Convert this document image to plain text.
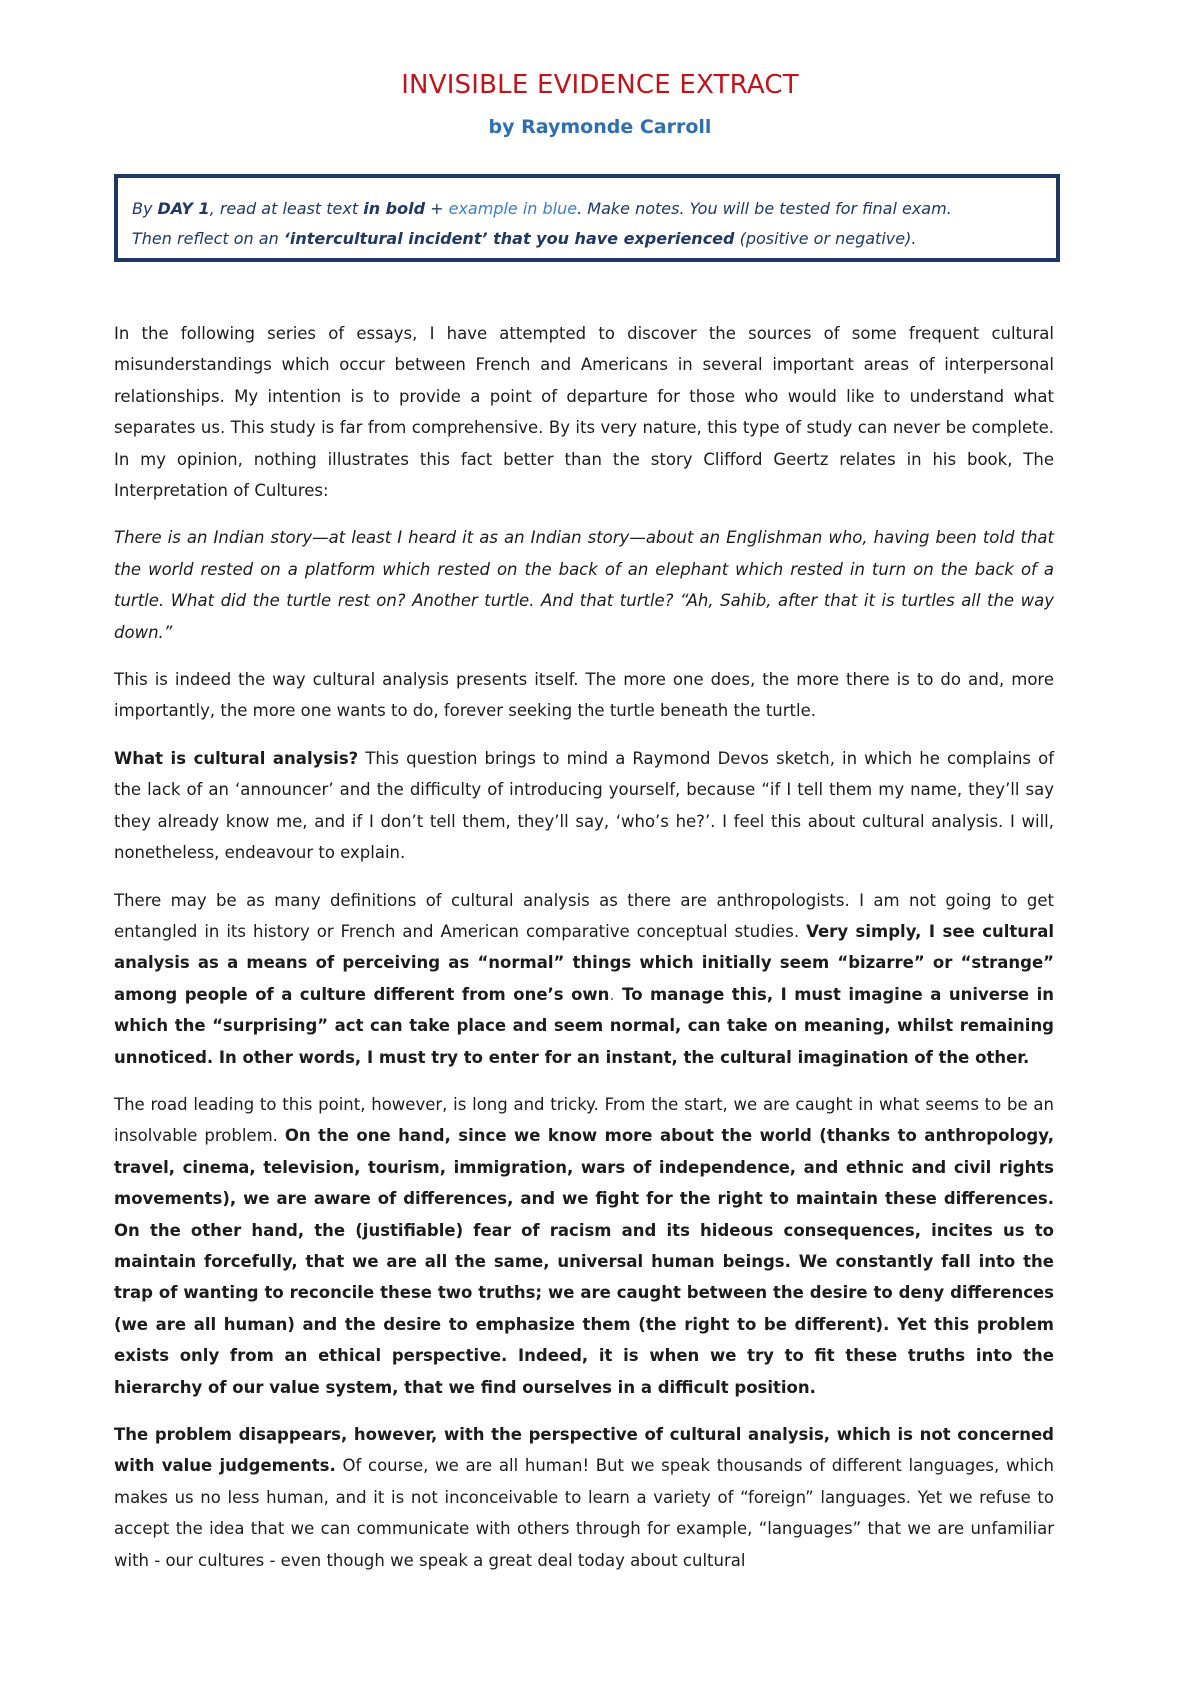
INVISIBLE EVIDENCE EXTRACT
by Raymonde Carroll
By DAY 1, read at least text in bold + example in blue. Make notes. You will be tested for final exam.
Then reflect on an ‘intercultural incident’ that you have experienced (positive or negative).

In the following series of essays, I have attempted to discover the sources of some frequent cultural misunderstandings which occur between French and Americans in several important areas of interpersonal relationships. My intention is to provide a point of departure for those who would like to understand what separates us. This study is far from comprehensive. By its very nature, this type of study can never be complete. In my opinion, nothing illustrates this fact better than the story Clifford Geertz relates in his book, The Interpretation of Cultures:

There is an Indian story—at least I heard it as an Indian story—about an Englishman who, having been told that the world rested on a platform which rested on the back of an elephant which rested in turn on the back of a turtle. What did the turtle rest on? Another turtle. And that turtle? “Ah, Sahib, after that it is turtles all the way down.”

This is indeed the way cultural analysis presents itself. The more one does, the more there is to do and, more importantly, the more one wants to do, forever seeking the turtle beneath the turtle.

What is cultural analysis? This question brings to mind a Raymond Devos sketch, in which he complains of the lack of an ‘announcer’ and the difficulty of introducing yourself, because “if I tell them my name, they’ll say they already know me, and if I don’t tell them, they’ll say, ‘who’s he?’. I feel this about cultural analysis. I will, nonetheless, endeavour to explain.

There may be as many definitions of cultural analysis as there are anthropologists. I am not going to get entangled in its history or French and American comparative conceptual studies. Very simply, I see cultural analysis as a means of perceiving as “normal” things which initially seem “bizarre” or “strange” among people of a culture different from one’s own. To manage this, I must imagine a universe in which the “surprising” act can take place and seem normal, can take on meaning, whilst remaining unnoticed. In other words, I must try to enter for an instant, the cultural imagination of the other.

The road leading to this point, however, is long and tricky. From the start, we are caught in what seems to be an insolvable problem. On the one hand, since we know more about the world (thanks to anthropology, travel, cinema, television, tourism, immigration, wars of independence, and ethnic and civil rights movements), we are aware of differences, and we fight for the right to maintain these differences. On the other hand, the (justifiable) fear of racism and its hideous consequences, incites us to maintain forcefully, that we are all the same, universal human beings. We constantly fall into the trap of wanting to reconcile these two truths; we are caught between the desire to deny differences (we are all human) and the desire to emphasize them (the right to be different). Yet this problem exists only from an ethical perspective. Indeed, it is when we try to fit these truths into the hierarchy of our value system, that we find ourselves in a difficult position.

The problem disappears, however, with the perspective of cultural analysis, which is not concerned with value judgements. Of course, we are all human! But we speak thousands of different languages, which makes us no less human, and it is not inconceivable to learn a variety of “foreign” languages. Yet we refuse to accept the idea that we can communicate with others through for example, “languages” that we are unfamiliar with - our cultures - even though we speak a great deal today about cultural
